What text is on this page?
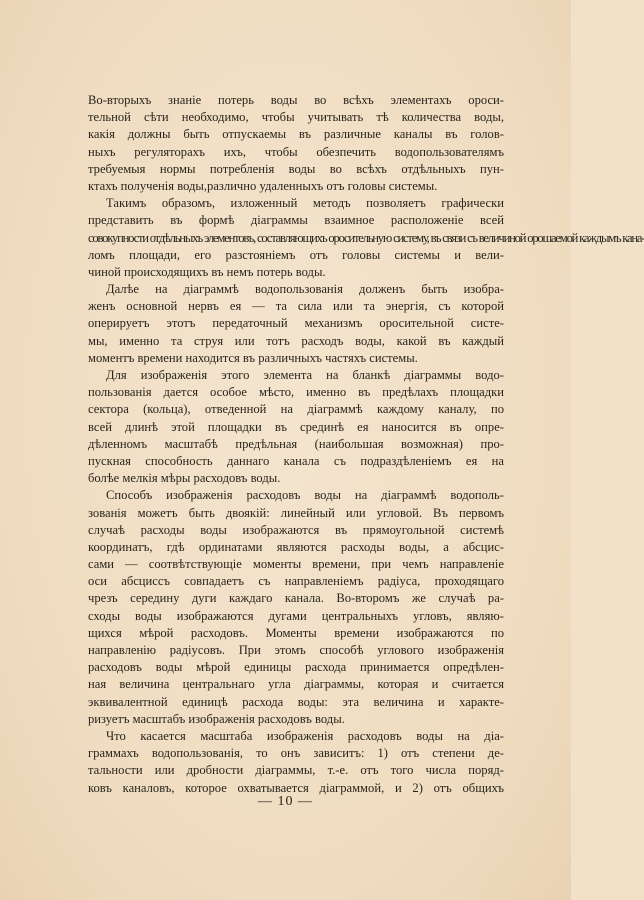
Во-вторыхъ знаніе потерь воды во всѣхъ элементахъ ороси-
тельной сѣти необходимо, чтобы учитывать тѣ количества воды,
какія должны быть отпускаемы въ различные каналы въ голов-
ныхъ регуляторахъ ихъ, чтобы обезпечить водопользователямъ
требуемыя нормы потребленія воды во всѣхъ отдѣльныхъ пун-
ктахъ полученія воды,различно удаленныхъ отъ головы системы.

Такимъ образомъ, изложенный методъ позволяетъ графически
представить въ формѣ діаграммы взаимное расположеніе всей
совокупности отдѣльныхъ элементовъ, составляющихъ оросительную систему, въ связи съ величиной орошаемой каждымъ кана-
ломъ площади, его разстояніемъ отъ головы системы и вели-
чиной происходящихъ въ немъ потерь воды.

Далѣе на діаграммѣ водопользованія долженъ быть изобра-
женъ основной нервъ ея — та сила или та энергія, съ которой
оперируетъ этотъ передаточный механизмъ оросительной систе-
мы, именно та струя или тотъ расходъ воды, какой въ каждый
моментъ времени находится въ различныхъ частяхъ системы.

Для изображенія этого элемента на бланкѣ діаграммы водо-
пользованія дается особое мѣсто, именно въ предѣлахъ площадки
сектора (кольца), отведенной на діаграммѣ каждому каналу, по
всей длинѣ этой площадки въ срединѣ ея наносится въ опре-
дѣленномъ масштабѣ предѣльная (наибольшая возможная) про-
пускная способность даннаго канала съ подраздѣленіемъ ея на
болѣе мелкія мѣры расходовъ воды.

Способъ изображенія расходовъ воды на діаграммѣ водополь-
зованія можетъ быть двоякій: линейный или угловой. Въ первомъ
случаѣ расходы воды изображаются въ прямоугольной системѣ
координатъ, гдѣ ординатами являются расходы воды, а абсцис-
сами — соотвѣтствующіе моменты времени, при чемъ направленіе
оси абсциссъ совпадаетъ съ направленіемъ радіуса, проходящаго
чрезъ середину дуги каждаго канала. Во-второмъ же случаѣ ра-
сходы воды изображаются дугами центральныхъ угловъ, являю-
щихся мѣрой расходовъ. Моменты времени изображаются по
направленію радіусовъ. При этомъ способѣ углового изображенія
расходовъ воды мѣрой единицы расхода принимается опредѣлен-
ная величина центральнаго угла діаграммы, которая и считается
эквивалентной единицѣ расхода воды: эта величина и характе-
ризуетъ масштабъ изображенія расходовъ воды.

Что касается масштаба изображенія расходовъ воды на діа-
граммахъ водопользованія, то онъ зависитъ: 1) отъ степени де-
тальности или дробности діаграммы, т.-е. отъ того числа поряд-
ковъ каналовъ, которое охватывается діаграммой, и 2) отъ общихъ

— 10 —
